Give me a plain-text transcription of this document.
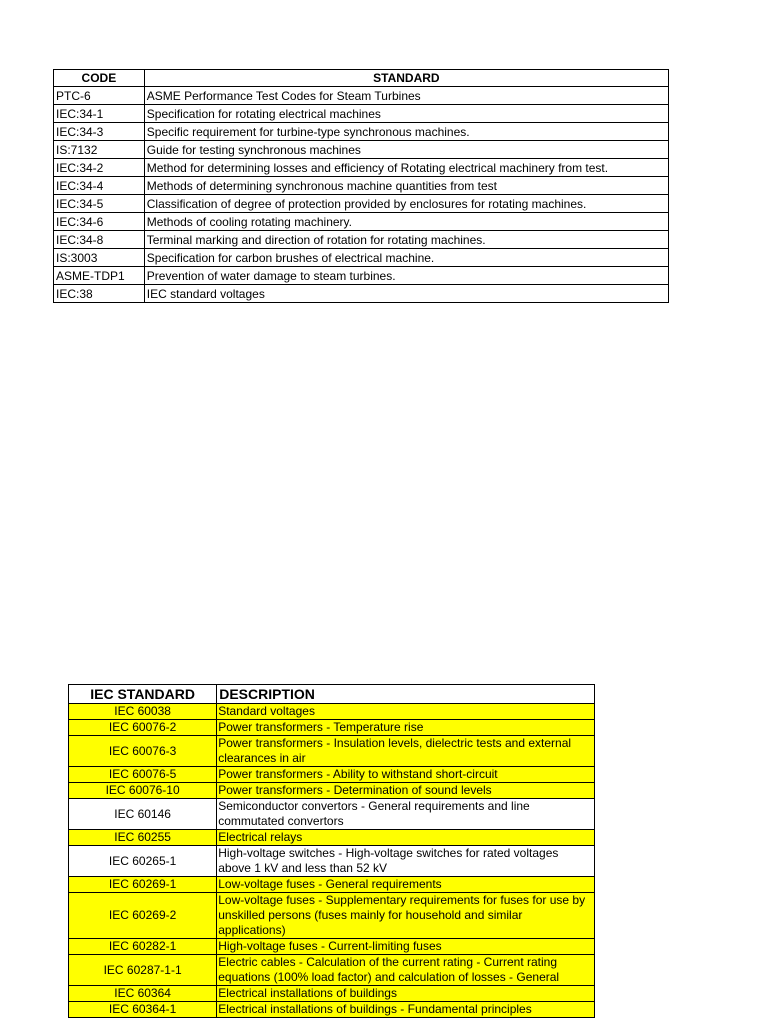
CODE	STANDARD
PTC-6	ASME Performance Test Codes for Steam Turbines
IEC:34-1	Specification for rotating electrical machines
IEC:34-3	Specific requirement for turbine-type synchronous machines.
IS:7132	Guide for testing synchronous machines
IEC:34-2	Method for determining losses and efficiency of Rotating electrical machinery from test.
IEC:34-4	Methods of determining synchronous machine quantities from test
IEC:34-5	Classification of degree of protection provided by enclosures for rotating machines.
IEC:34-6	Methods of cooling rotating machinery.
IEC:34-8	Terminal marking and direction of rotation for rotating machines.
IS:3003	Specification for carbon brushes of electrical machine.
ASME-TDP1	Prevention of water damage to steam turbines.
IEC:38	IEC standard voltages
IEC STANDARD	DESCRIPTION
IEC 60038	Standard voltages
IEC 60076-2	Power transformers - Temperature rise
IEC 60076-3	Power transformers - Insulation levels, dielectric tests and external clearances in air
IEC 60076-5	Power transformers - Ability to withstand short-circuit
IEC 60076-10	Power transformers - Determination of sound levels
IEC 60146	Semiconductor convertors - General requirements and line commutated convertors
IEC 60255	Electrical relays
IEC 60265-1	High-voltage switches - High-voltage switches for rated voltages above 1 kV and less than 52 kV
IEC 60269-1	Low-voltage fuses - General requirements
IEC 60269-2	Low-voltage fuses - Supplementary requirements for fuses for use by unskilled persons (fuses mainly for household and similar applications)
IEC 60282-1	High-voltage fuses - Current-limiting fuses
IEC 60287-1-1	Electric cables - Calculation of the current rating - Current rating equations (100% load factor) and calculation of losses - General
IEC 60364	Electrical installations of buildings
IEC 60364-1	Electrical installations of buildings - Fundamental principles
